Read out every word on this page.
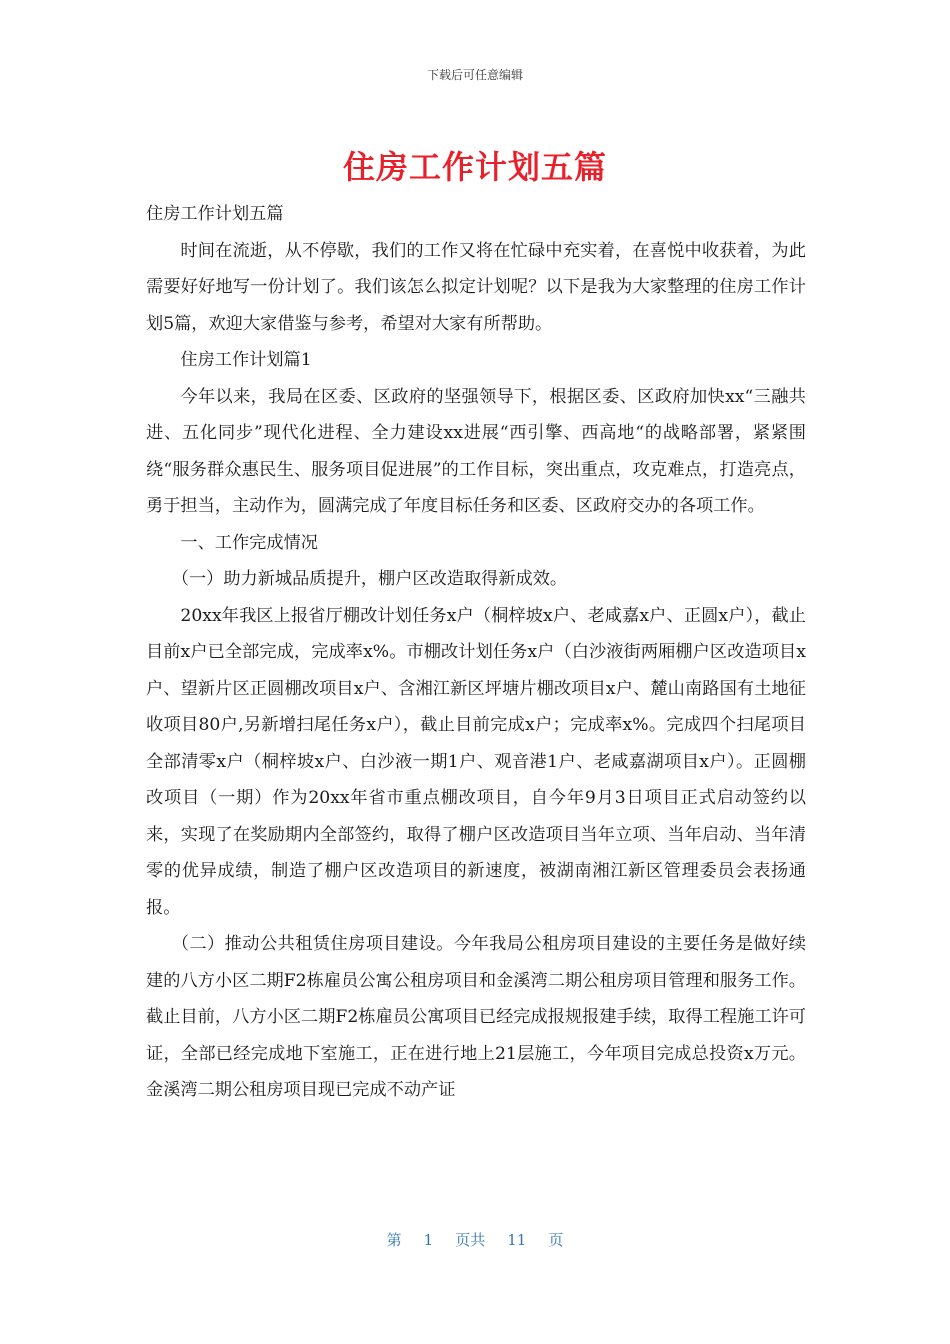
下载后可任意编辑
住房工作计划五篇

住房工作计划五篇

时间在流逝，从不停歇，我们的工作又将在忙碌中充实着，在喜悦中收获着，为此需要好好地写一份计划了。我们该怎么拟定计划呢？以下是我为大家整理的住房工作计划5篇，欢迎大家借鉴与参考，希望对大家有所帮助。

住房工作计划篇1

今年以来，我局在区委、区政府的坚强领导下，根据区委、区政府加快xx“三融共进、五化同步”现代化进程、全力建设xx进展“西引擎、西高地“的战略部署，紧紧围绕“服务群众惠民生、服务项目促进展”的工作目标，突出重点，攻克难点，打造亮点，勇于担当，主动作为，圆满完成了年度目标任务和区委、区政府交办的各项工作。

一、工作完成情况

（一）助力新城品质提升，棚户区改造取得新成效。

20xx年我区上报省厅棚改计划任务x户（桐梓坡x户、老咸嘉x户、正圆x户），截止目前x户已全部完成，完成率x%。市棚改计划任务x户（白沙液街两厢棚户区改造项目x户、望新片区正圆棚改项目x户、含湘江新区坪塘片棚改项目x户、麓山南路国有土地征收项目80户,另新增扫尾任务x户），截止目前完成x户；完成率x%。完成四个扫尾项目全部清零x户（桐梓坡x户、白沙液一期1户、观音港1户、老咸嘉湖项目x户）。正圆棚改项目（一期）作为20xx年省市重点棚改项目，自今年9月3日项目正式启动签约以来，实现了在奖励期内全部签约，取得了棚户区改造项目当年立项、当年启动、当年清零的优异成绩，制造了棚户区改造项目的新速度，被湖南湘江新区管理委员会表扬通报。

（二）推动公共租赁住房项目建设。今年我局公租房项目建设的主要任务是做好续建的八方小区二期F2栋雇员公寓公租房项目和金溪湾二期公租房项目管理和服务工作。截止目前，八方小区二期F2栋雇员公寓项目已经完成报规报建手续，取得工程施工许可证，全部已经完成地下室施工，正在进行地上21层施工，今年项目完成总投资x万元。金溪湾二期公租房项目现已完成不动产证

第 1 页共 11 页
